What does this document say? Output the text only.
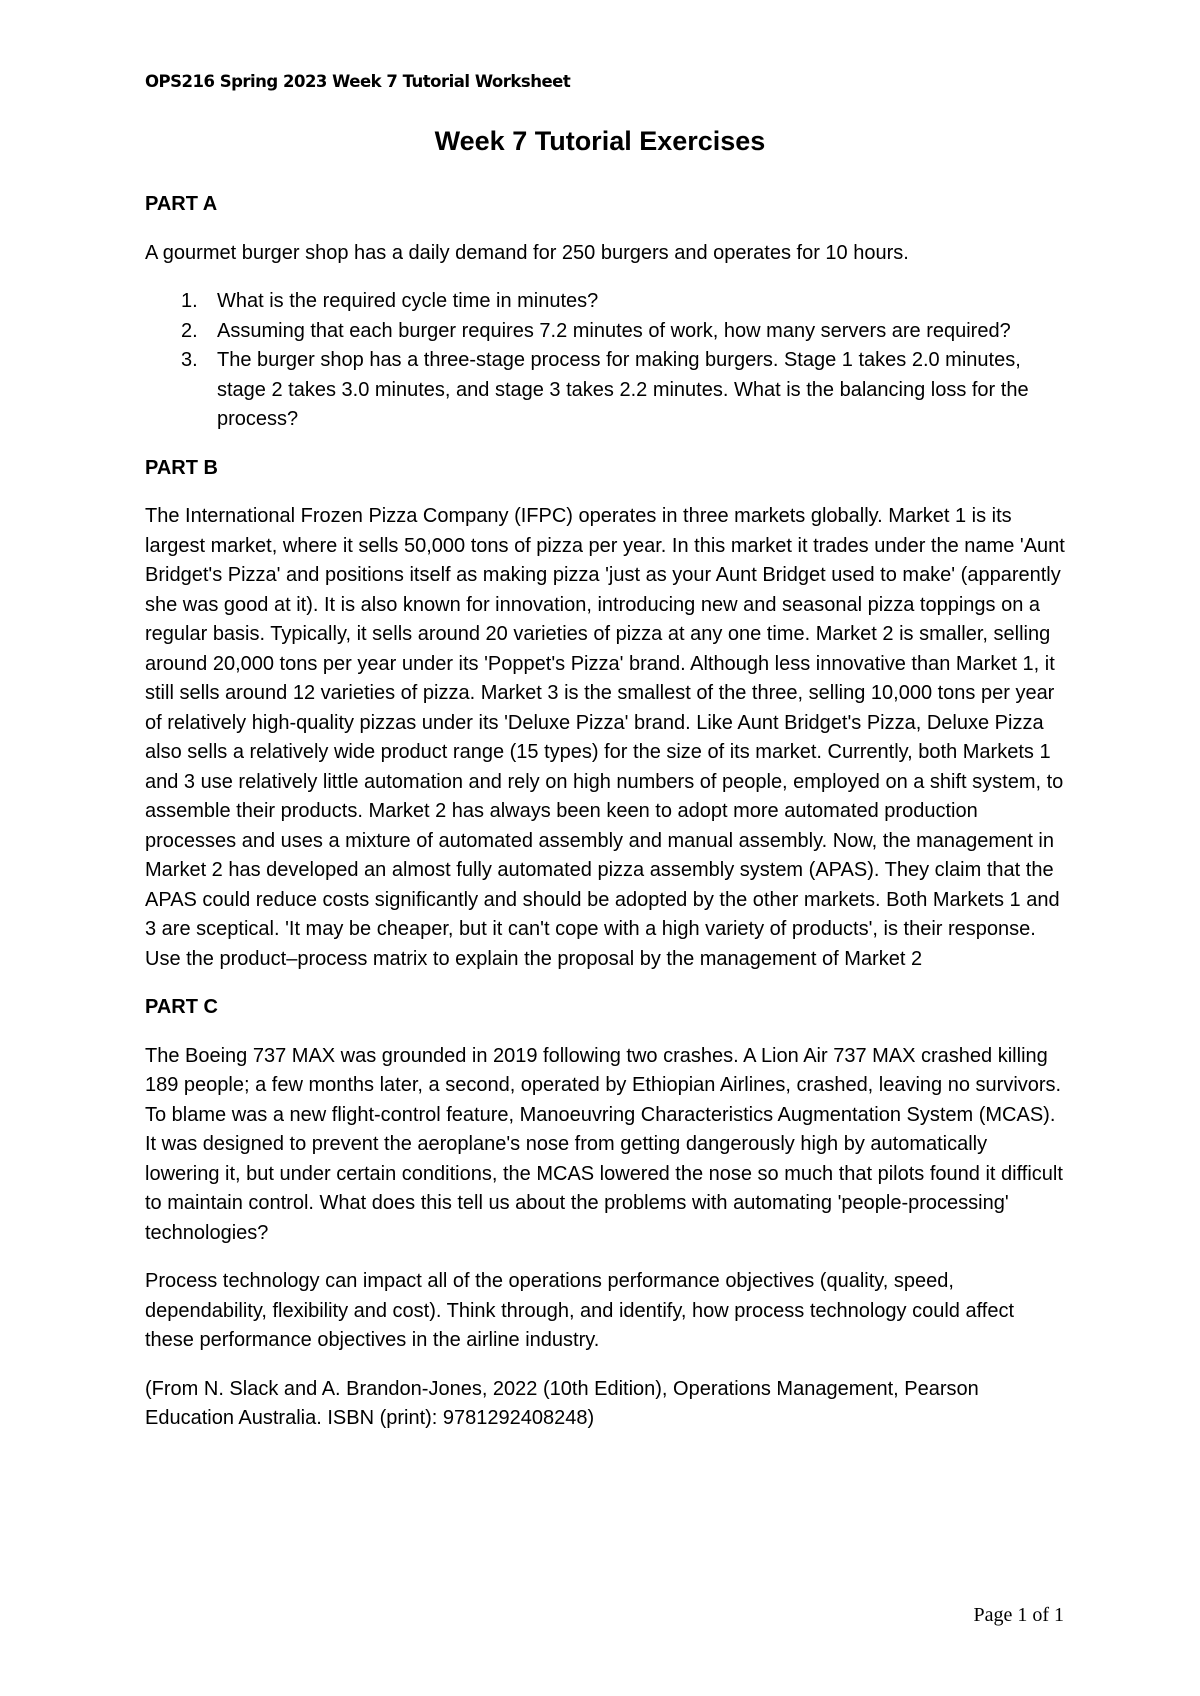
OPS216 Spring 2023 Week 7 Tutorial Worksheet
Week 7 Tutorial Exercises
PART A

A gourmet burger shop has a daily demand for 250 burgers and operates for 10 hours.

1. What is the required cycle time in minutes?
2. Assuming that each burger requires 7.2 minutes of work, how many servers are required?
3. The burger shop has a three-stage process for making burgers. Stage 1 takes 2.0 minutes, stage 2 takes 3.0 minutes, and stage 3 takes 2.2 minutes. What is the balancing loss for the process?
PART B

The International Frozen Pizza Company (IFPC) operates in three markets globally. Market 1 is its largest market, where it sells 50,000 tons of pizza per year. In this market it trades under the name 'Aunt Bridget's Pizza' and positions itself as making pizza 'just as your Aunt Bridget used to make' (apparently she was good at it). It is also known for innovation, introducing new and seasonal pizza toppings on a regular basis. Typically, it sells around 20 varieties of pizza at any one time. Market 2 is smaller, selling around 20,000 tons per year under its 'Poppet's Pizza' brand. Although less innovative than Market 1, it still sells around 12 varieties of pizza. Market 3 is the smallest of the three, selling 10,000 tons per year of relatively high-quality pizzas under its 'Deluxe Pizza' brand. Like Aunt Bridget's Pizza, Deluxe Pizza also sells a relatively wide product range (15 types) for the size of its market. Currently, both Markets 1 and 3 use relatively little automation and rely on high numbers of people, employed on a shift system, to assemble their products. Market 2 has always been keen to adopt more automated production processes and uses a mixture of automated assembly and manual assembly. Now, the management in Market 2 has developed an almost fully automated pizza assembly system (APAS). They claim that the APAS could reduce costs significantly and should be adopted by the other markets. Both Markets 1 and 3 are sceptical. 'It may be cheaper, but it can't cope with a high variety of products', is their response. Use the product–process matrix to explain the proposal by the management of Market 2

PART C

The Boeing 737 MAX was grounded in 2019 following two crashes. A Lion Air 737 MAX crashed killing 189 people; a few months later, a second, operated by Ethiopian Airlines, crashed, leaving no survivors. To blame was a new flight-control feature, Manoeuvring Characteristics Augmentation System (MCAS). It was designed to prevent the aeroplane's nose from getting dangerously high by automatically lowering it, but under certain conditions, the MCAS lowered the nose so much that pilots found it difficult to maintain control. What does this tell us about the problems with automating 'people-processing' technologies?

Process technology can impact all of the operations performance objectives (quality, speed, dependability, flexibility and cost). Think through, and identify, how process technology could affect these performance objectives in the airline industry.

(From N. Slack and A. Brandon-Jones, 2022 (10th Edition), Operations Management, Pearson Education Australia. ISBN (print): 9781292408248)

Page 1 of 1
